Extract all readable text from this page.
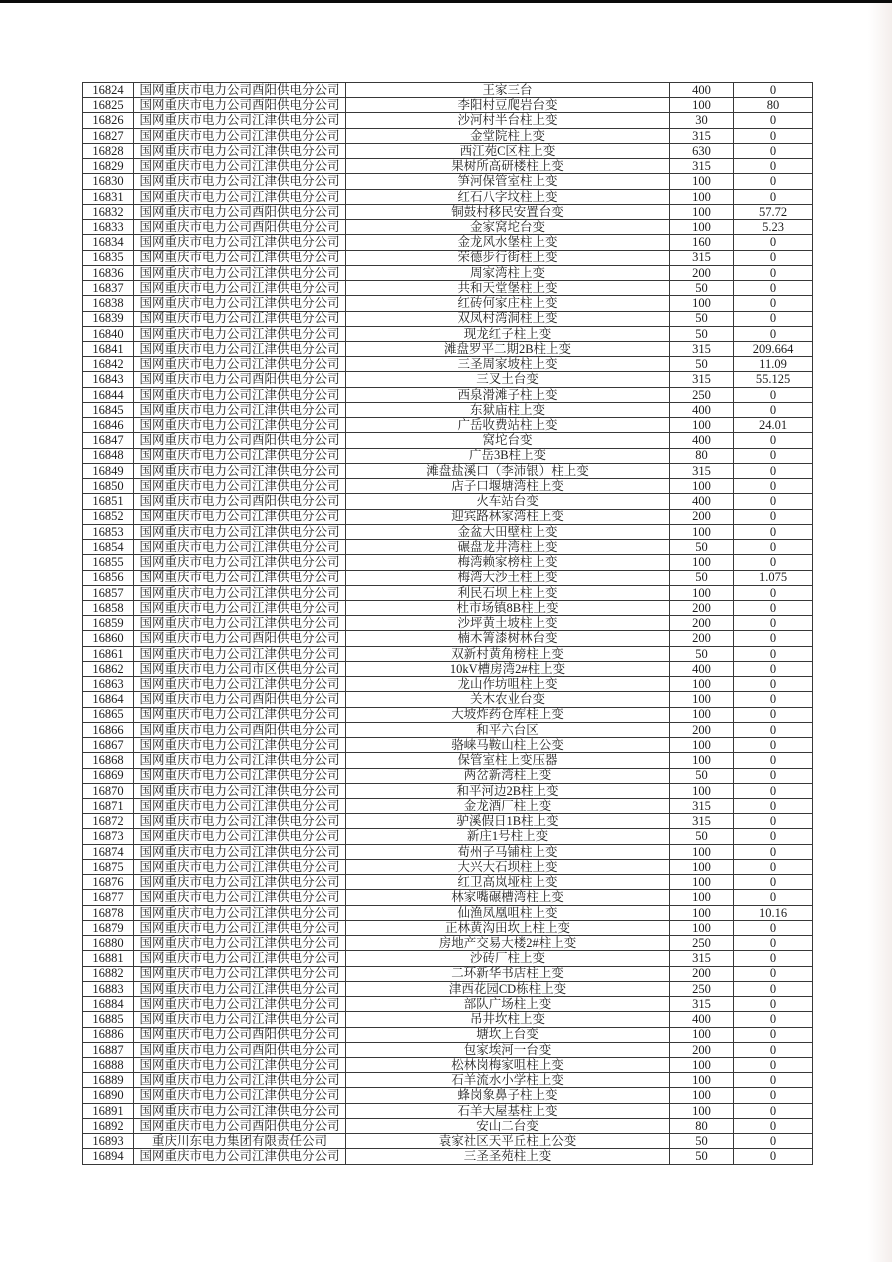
16824	国网重庆市电力公司酉阳供电分公司	王家三台	400	0
16825	国网重庆市电力公司酉阳供电分公司	李阳村豆爬岩台变	100	80
16826	国网重庆市电力公司江津供电分公司	沙河村半台柱上变	30	0
16827	国网重庆市电力公司江津供电分公司	金堂院柱上变	315	0
16828	国网重庆市电力公司江津供电分公司	西江苑C区柱上变	630	0
16829	国网重庆市电力公司江津供电分公司	果树所高研楼柱上变	315	0
16830	国网重庆市电力公司江津供电分公司	笋河保管室柱上变	100	0
16831	国网重庆市电力公司江津供电分公司	红石八字坟柱上变	100	0
16832	国网重庆市电力公司酉阳供电分公司	铜鼓村移民安置台变	100	57.72
16833	国网重庆市电力公司酉阳供电分公司	金家窝坨台变	100	5.23
16834	国网重庆市电力公司江津供电分公司	金龙风水堡柱上变	160	0
16835	国网重庆市电力公司江津供电分公司	荣德步行街柱上变	315	0
16836	国网重庆市电力公司江津供电分公司	周家湾柱上变	200	0
16837	国网重庆市电力公司江津供电分公司	共和天堂堡柱上变	50	0
16838	国网重庆市电力公司江津供电分公司	红砖何家庄柱上变	100	0
16839	国网重庆市电力公司江津供电分公司	双凤村湾洞柱上变	50	0
16840	国网重庆市电力公司江津供电分公司	现龙红子柱上变	50	0
16841	国网重庆市电力公司江津供电分公司	滩盘罗平二期2B柱上变	315	209.664
16842	国网重庆市电力公司江津供电分公司	三圣周家坡柱上变	50	11.09
16843	国网重庆市电力公司酉阳供电分公司	三叉土台变	315	55.125
16844	国网重庆市电力公司江津供电分公司	西泉滑滩子柱上变	250	0
16845	国网重庆市电力公司江津供电分公司	东狱庙柱上变	400	0
16846	国网重庆市电力公司江津供电分公司	广岳收费站柱上变	100	24.01
16847	国网重庆市电力公司酉阳供电分公司	窝坨台变	400	0
16848	国网重庆市电力公司江津供电分公司	广岳3B柱上变	80	0
16849	国网重庆市电力公司江津供电分公司	滩盘盐溪口（李沛银）柱上变	315	0
16850	国网重庆市电力公司江津供电分公司	店子口堰塘湾柱上变	100	0
16851	国网重庆市电力公司酉阳供电分公司	火车站台变	400	0
16852	国网重庆市电力公司江津供电分公司	迎宾路林家湾柱上变	200	0
16853	国网重庆市电力公司江津供电分公司	金盆大田壁柱上变	100	0
16854	国网重庆市电力公司江津供电分公司	碾盘龙井湾柱上变	50	0
16855	国网重庆市电力公司江津供电分公司	梅湾赖家榜柱上变	100	0
16856	国网重庆市电力公司江津供电分公司	梅湾大沙土柱上变	50	1.075
16857	国网重庆市电力公司江津供电分公司	利民石坝上柱上变	100	0
16858	国网重庆市电力公司江津供电分公司	杜市场镇8B柱上变	200	0
16859	国网重庆市电力公司江津供电分公司	沙坪黄土坡柱上变	200	0
16860	国网重庆市电力公司酉阳供电分公司	楠木箐漆树林台变	200	0
16861	国网重庆市电力公司江津供电分公司	双新村黄角榜柱上变	50	0
16862	国网重庆市电力公司市区供电分公司	10kV槽房湾2#柱上变	400	0
16863	国网重庆市电力公司江津供电分公司	龙山作坊咀柱上变	100	0
16864	国网重庆市电力公司酉阳供电分公司	关木农业台变	100	0
16865	国网重庆市电力公司江津供电分公司	大坡炸药仓库柱上变	100	0
16866	国网重庆市电力公司酉阳供电分公司	和平六台区	200	0
16867	国网重庆市电力公司江津供电分公司	骆崃马鞍山柱上公变	100	0
16868	国网重庆市电力公司江津供电分公司	保管室柱上变压器	100	0
16869	国网重庆市电力公司江津供电分公司	两岔新湾柱上变	50	0
16870	国网重庆市电力公司江津供电分公司	和平河边2B柱上变	100	0
16871	国网重庆市电力公司江津供电分公司	金龙酒厂柱上变	315	0
16872	国网重庆市电力公司江津供电分公司	驴溪假日1B柱上变	315	0
16873	国网重庆市电力公司江津供电分公司	新庄1号柱上变	50	0
16874	国网重庆市电力公司江津供电分公司	荀州子马铺柱上变	100	0
16875	国网重庆市电力公司江津供电分公司	大兴大石坝柱上变	100	0
16876	国网重庆市电力公司江津供电分公司	红卫高岚垭柱上变	100	0
16877	国网重庆市电力公司江津供电分公司	林家嘴碾槽湾柱上变	100	0
16878	国网重庆市电力公司江津供电分公司	仙渔凤凰咀柱上变	100	10.16
16879	国网重庆市电力公司江津供电分公司	正林黄沟田坎上柱上变	100	0
16880	国网重庆市电力公司江津供电分公司	房地产交易大楼2#柱上变	250	0
16881	国网重庆市电力公司江津供电分公司	沙砖厂柱上变	315	0
16882	国网重庆市电力公司江津供电分公司	二环新华书店柱上变	200	0
16883	国网重庆市电力公司江津供电分公司	津西花园CD栋柱上变	250	0
16884	国网重庆市电力公司江津供电分公司	部队广场柱上变	315	0
16885	国网重庆市电力公司江津供电分公司	吊井坎柱上变	400	0
16886	国网重庆市电力公司酉阳供电分公司	塘坎上台变	100	0
16887	国网重庆市电力公司酉阳供电分公司	包家埃河一台变	200	0
16888	国网重庆市电力公司江津供电分公司	松林岗梅家咀柱上变	100	0
16889	国网重庆市电力公司江津供电分公司	石羊流水小学柱上变	100	0
16890	国网重庆市电力公司江津供电分公司	蜂岗象鼻子柱上变	100	0
16891	国网重庆市电力公司江津供电分公司	石羊大屋基柱上变	100	0
16892	国网重庆市电力公司酉阳供电分公司	安山二台变	80	0
16893	重庆川东电力集团有限责任公司	袁家社区天平丘柱上公变	50	0
16894	国网重庆市电力公司江津供电分公司	三圣圣苑柱上变	50	0
